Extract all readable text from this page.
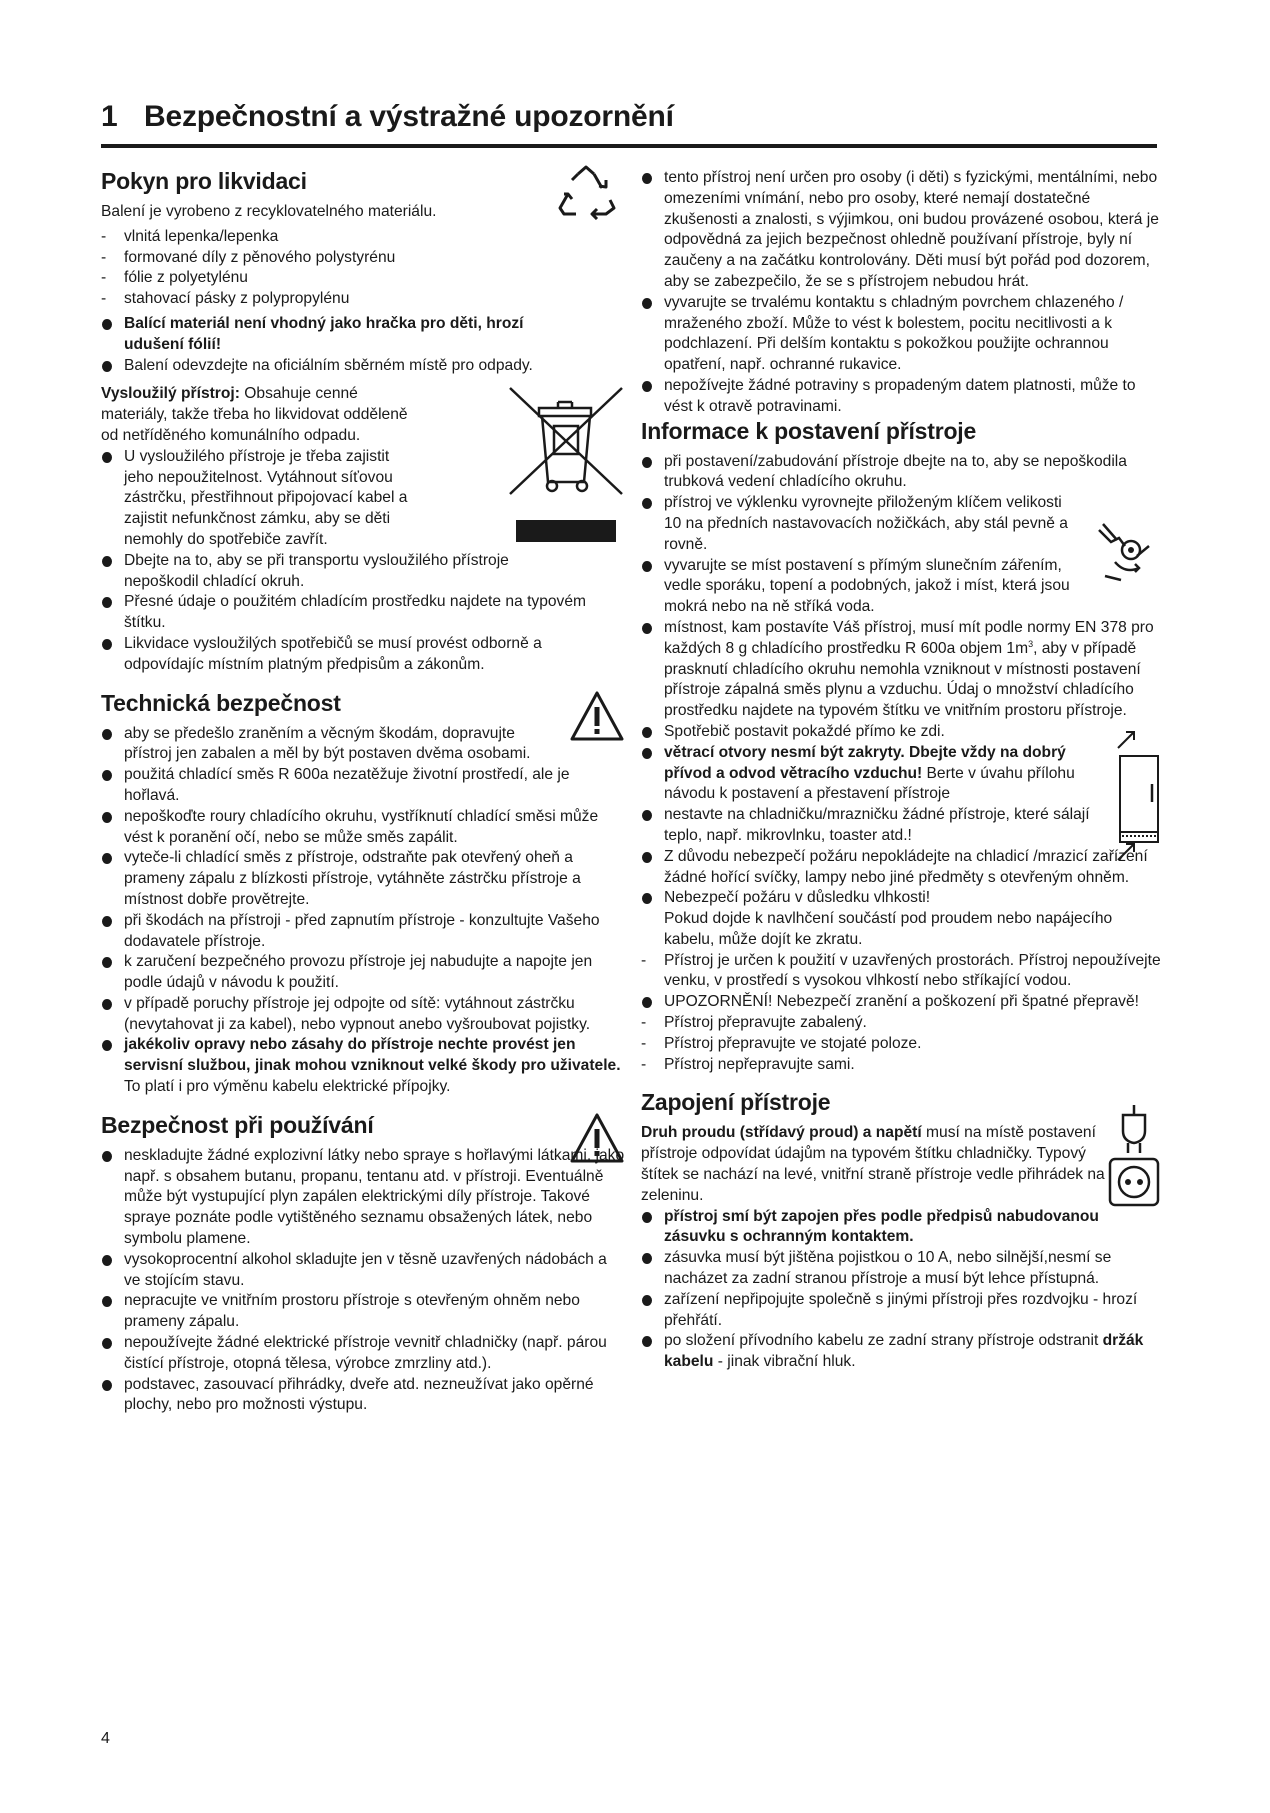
1 Bezpečnostní a výstražné upozornění
Pokyn pro likvidaci

Balení je vyrobeno z recyklovatelného materiálu.

- vlnitá lepenka/lepenka
- formované díly z pěnového polystyrénu
- fólie z polyetylénu
- stahovací pásky z polypropylénu
Balící materiál není vhodný jako hračka pro děti, hrozí udušení fólií!
Balení odevzdejte na oficiálním sběrném místě pro odpady.

Vysloužilý přístroj: Obsahuje cenné materiály, takže třeba ho likvidovat odděleně od netříděného komunálního odpadu.

U vysloužilého přístroje je třeba zajistit jeho nepoužitelnost. Vytáhnout síťovou zástrčku, přestřihnout připojovací kabel a zajistit nefunkčnost zámku, aby se děti nemohly do spotřebiče zavřít.
Dbejte na to, aby se při transportu vysloužilého přístroje nepoškodil chladící okruh.
Přesné údaje o použitém chladícím prostředku najdete na typovém štítku.
Likvidace vysloužilých spotřebičů se musí provést odborně a odpovídajíc místním platným předpisům a zákonům.
Technická bezpečnost
aby se předešlo zraněním a věcným škodám, dopravujte přístroj jen zabalen a měl by být postaven dvěma osobami.
použitá chladící směs R 600a nezatěžuje životní prostředí, ale je hořlavá.
nepoškoďte roury chladícího okruhu, vystříknutí chladící směsi může vést k poranění očí, nebo se může směs zapálit.
vyteče-li chladící směs z přístroje, odstraňte pak otevřený oheň a prameny zápalu z blízkosti přístroje, vytáhněte zástrčku přístroje a místnost dobře provětrejte.
při škodách na přístroji - před zapnutím přístroje - konzultujte Vašeho dodavatele přístroje.
k zaručení bezpečného provozu přístroje jej nabudujte a napojte jen podle údajů v návodu k použití.
v případě poruchy přístroje jej odpojte od sítě: vytáhnout zástrčku (nevytahovat ji za kabel), nebo vypnout anebo vyšroubovat pojistky.
jakékoliv opravy nebo zásahy do přístroje nechte provést jen servisní službou, jinak mohou vzniknout velké škody pro uživatele. To platí i pro výměnu kabelu elektrické přípojky.
Bezpečnost při používání
neskladujte žádné explozivní látky nebo spraye s hořlavými látkami, jako např. s obsahem butanu, propanu, tentanu atd. v přístroji. Eventuálně může být vystupující plyn zapálen elektrickými díly přístroje. Takové spraye poznáte podle vytištěného seznamu obsažených látek, nebo symbolu plamene.
vysokoprocentní alkohol skladujte jen v těsně uzavřených nádobách a ve stojícím stavu.
nepracujte ve vnitřním prostoru přístroje s otevřeným ohněm nebo prameny zápalu.
nepoužívejte žádné elektrické přístroje vevnitř chladničky (např. párou čistící přístroje, otopná tělesa, výrobce zmrzliny atd.).
podstavec, zasouvací přihrádky, dveře atd. nezneužívat jako opěrné plochy, nebo pro možnosti výstupu.
tento přístroj není určen pro osoby (i děti) s fyzickými, mentálními, nebo omezeními vnímání, nebo pro osoby, které nemají dostatečné zkušenosti a znalosti, s výjimkou, oni budou provázené osobou, která je odpovědná za jejich bezpečnost ohledně používaní přístroje, byly ní zaučeny a na začátku kontrolovány. Děti musí být pořád pod dozorem, aby se zabezpečilo, že se s přístrojem nebudou hrát.
vyvarujte se trvalému kontaktu s chladným povrchem chlazeného / mraženého zboží. Může to vést k bolestem, pocitu necitlivosti a k podchlazení. Při delším kontaktu s pokožkou použijte ochrannou opatření, např. ochranné rukavice.
nepožívejte žádné potraviny s propadeným datem platnosti, může to vést k otravě potravinami.
Informace k postavení přístroje
při postavení/zabudování přístroje dbejte na to, aby se nepoškodila trubková vedení chladícího okruhu.
přístroj ve výklenku vyrovnejte přiloženým klíčem velikosti 10 na předních nastavovacích nožičkách, aby stál pevně a rovně.
vyvarujte se míst postavení s přímým slunečním zářením, vedle sporáku, topení a podobných, jakož i míst, která jsou mokrá nebo na ně stříká voda.
místnost, kam postavíte Váš přístroj, musí mít podle normy EN 378 pro každých 8 g chladícího prostředku R 600a objem $1m^3$, aby v případě prasknutí chladícího okruhu nemohla vzniknout v místnosti postavení přístroje zápalná směs plynu a vzduchu. Údaj o množství chladícího prostředku najdete na typovém štítku ve vnitřním prostoru přístroje.
Spotřebič postavit pokaždé přímo ke zdi.
větrací otvory nesmí být zakryty. Dbejte vždy na dobrý přívod a odvod větracího vzduchu! Berte v úvahu přílohu návodu k postavení a přestavení přístroje
nestavte na chladničku/mrazničku žádné přístroje, které sálají teplo, např. mikrovlnku, toaster atd.!
Z důvodu nebezpečí požáru nepokládejte na chladicí /mrazicí zařízení žádné hořící svíčky, lampy nebo jiné předměty s otevřeným ohněm.
Nebezpečí požáru v důsledku vlhkosti!

Pokud dojde k navlhčení součástí pod proudem nebo napájecího kabelu, může dojít ke zkratu.

- Přístroj je určen k použití v uzavřených prostorách. Přístroj nepoužívejte venku, v prostředí s vysokou vlhkostí nebo stříkající vodou.
UPOZORNĚNÍ! Nebezpečí zranění a poškození při špatné přepravě!
- Přístroj přepravujte zabalený.
- Přístroj přepravujte ve stojaté poloze.
- Přístroj nepřepravujte sami.
Zapojení přístroje

Druh proudu (střídavý proud) a napětí musí na místě postavení přístroje odpovídat údajům na typovém štítku chladničky. Typový štítek se nachází na levé, vnitřní straně přístroje vedle přihrádek na zeleninu.

přístroj smí být zapojen přes podle předpisů nabudovanou zásuvku s ochranným kontaktem.
zásuvka musí být jištěna pojistkou o 10 A, nebo silnější,nesmí se nacházet za zadní stranou přístroje a musí být lehce přístupná.
zařízení nepřipojujte společně s jinými přístroji přes rozdvojku - hrozí přehřátí.
po složení přívodního kabelu ze zadní strany přístroje odstranit držák kabelu - jinak vibrační hluk.
4
